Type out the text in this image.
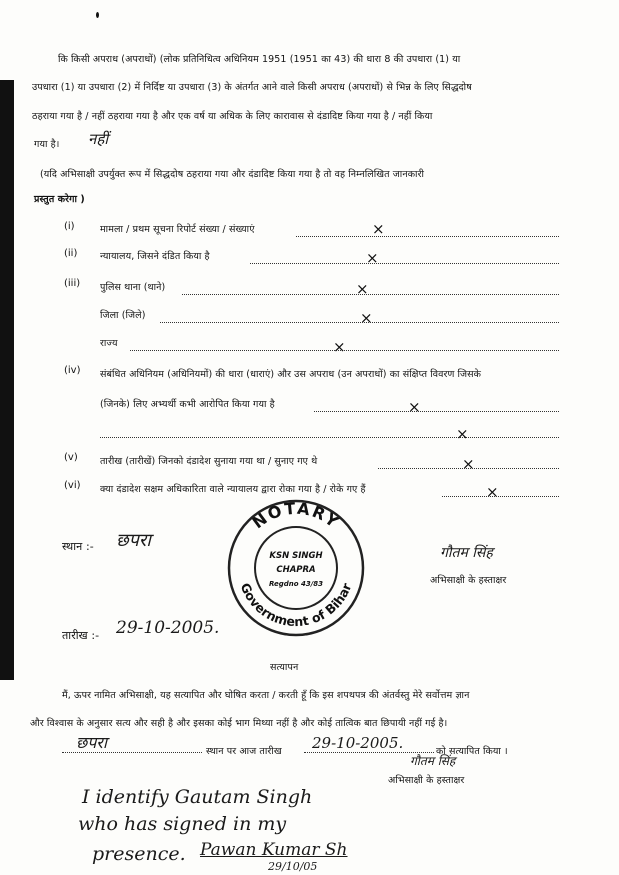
कि किसी अपराध (अपराधों) (लोक प्रतिनिधित्व अधिनियम 1951 (1951 का 43) की धारा 8 की उपधारा (1) या
उपधारा (1) या उपधारा (2) में निर्दिष्ट या उपधारा (3) के अंतर्गत आने वाले किसी अपराध (अपराधों) से भिन्न के लिए सिद्धदोष
ठहराया गया है / नहीं ठहराया गया है और एक वर्ष या अधिक के लिए कारावास से दंडादिष्ट किया गया है / नहीं किया
गया है। नहीं
(यदि अभिसाक्षी उपर्युक्त रूप में सिद्धदोष ठहराया गया और दंडादिष्ट किया गया है तो वह निम्नलिखित जानकारी
प्रस्तुत करेगा )
(i)	मामला / प्रथम सूचना रिपोर्ट संख्या / संख्याएं	×
(ii) न्यायालय, जिसने दंडित किया है	×
(iii) पुलिस थाना (थाने)	×
जिला (जिले)	×
राज्य	×
(iv) संबंधित अधिनियम (अधिनियमों) की धारा (धाराएं) और उस अपराध (उन अपराधों) का संक्षिप्त विवरण जिसके
(जिनके) लिए अभ्यर्थी कभी आरोपित किया गया है	×
×
(v) तारीख (तारीखें) जिनको दंडादेश सुनाया गया था / सुनाए गए थे	×
(vi) क्या दंडादेश सक्षम अधिकारिता वाले न्यायालय द्वारा रोका गया है / रोके गए हैं	×
स्थान :- छपरा
NOTARY
Government of Bihar
KSN SINGH
CHAPRA
Regdno 43/83
गौतम सिंह
अभिसाक्षी के हस्ताक्षर
तारीख :- 29-10-2005.
सत्यापन
मैं, ऊपर नामित अभिसाक्षी, यह सत्यापित और घोषित करता / करती हूँ कि इस शपथपत्र की अंतर्वस्तु मेरे सर्वोत्तम ज्ञान
और विश्वास के अनुसार सत्य और सही है और इसका कोई भाग मिथ्या नहीं है और कोई तात्विक बात छिपायी नहीं गई है।
छपरा	स्थान पर आज तारीख 29-10-2005.	को सत्यापित किया ।
गौतम सिंह
अभिसाक्षी के हस्ताक्षर
I identify Gautam Singh
who has signed in my
presence. Pawan Kumar Sh
29/10/05
